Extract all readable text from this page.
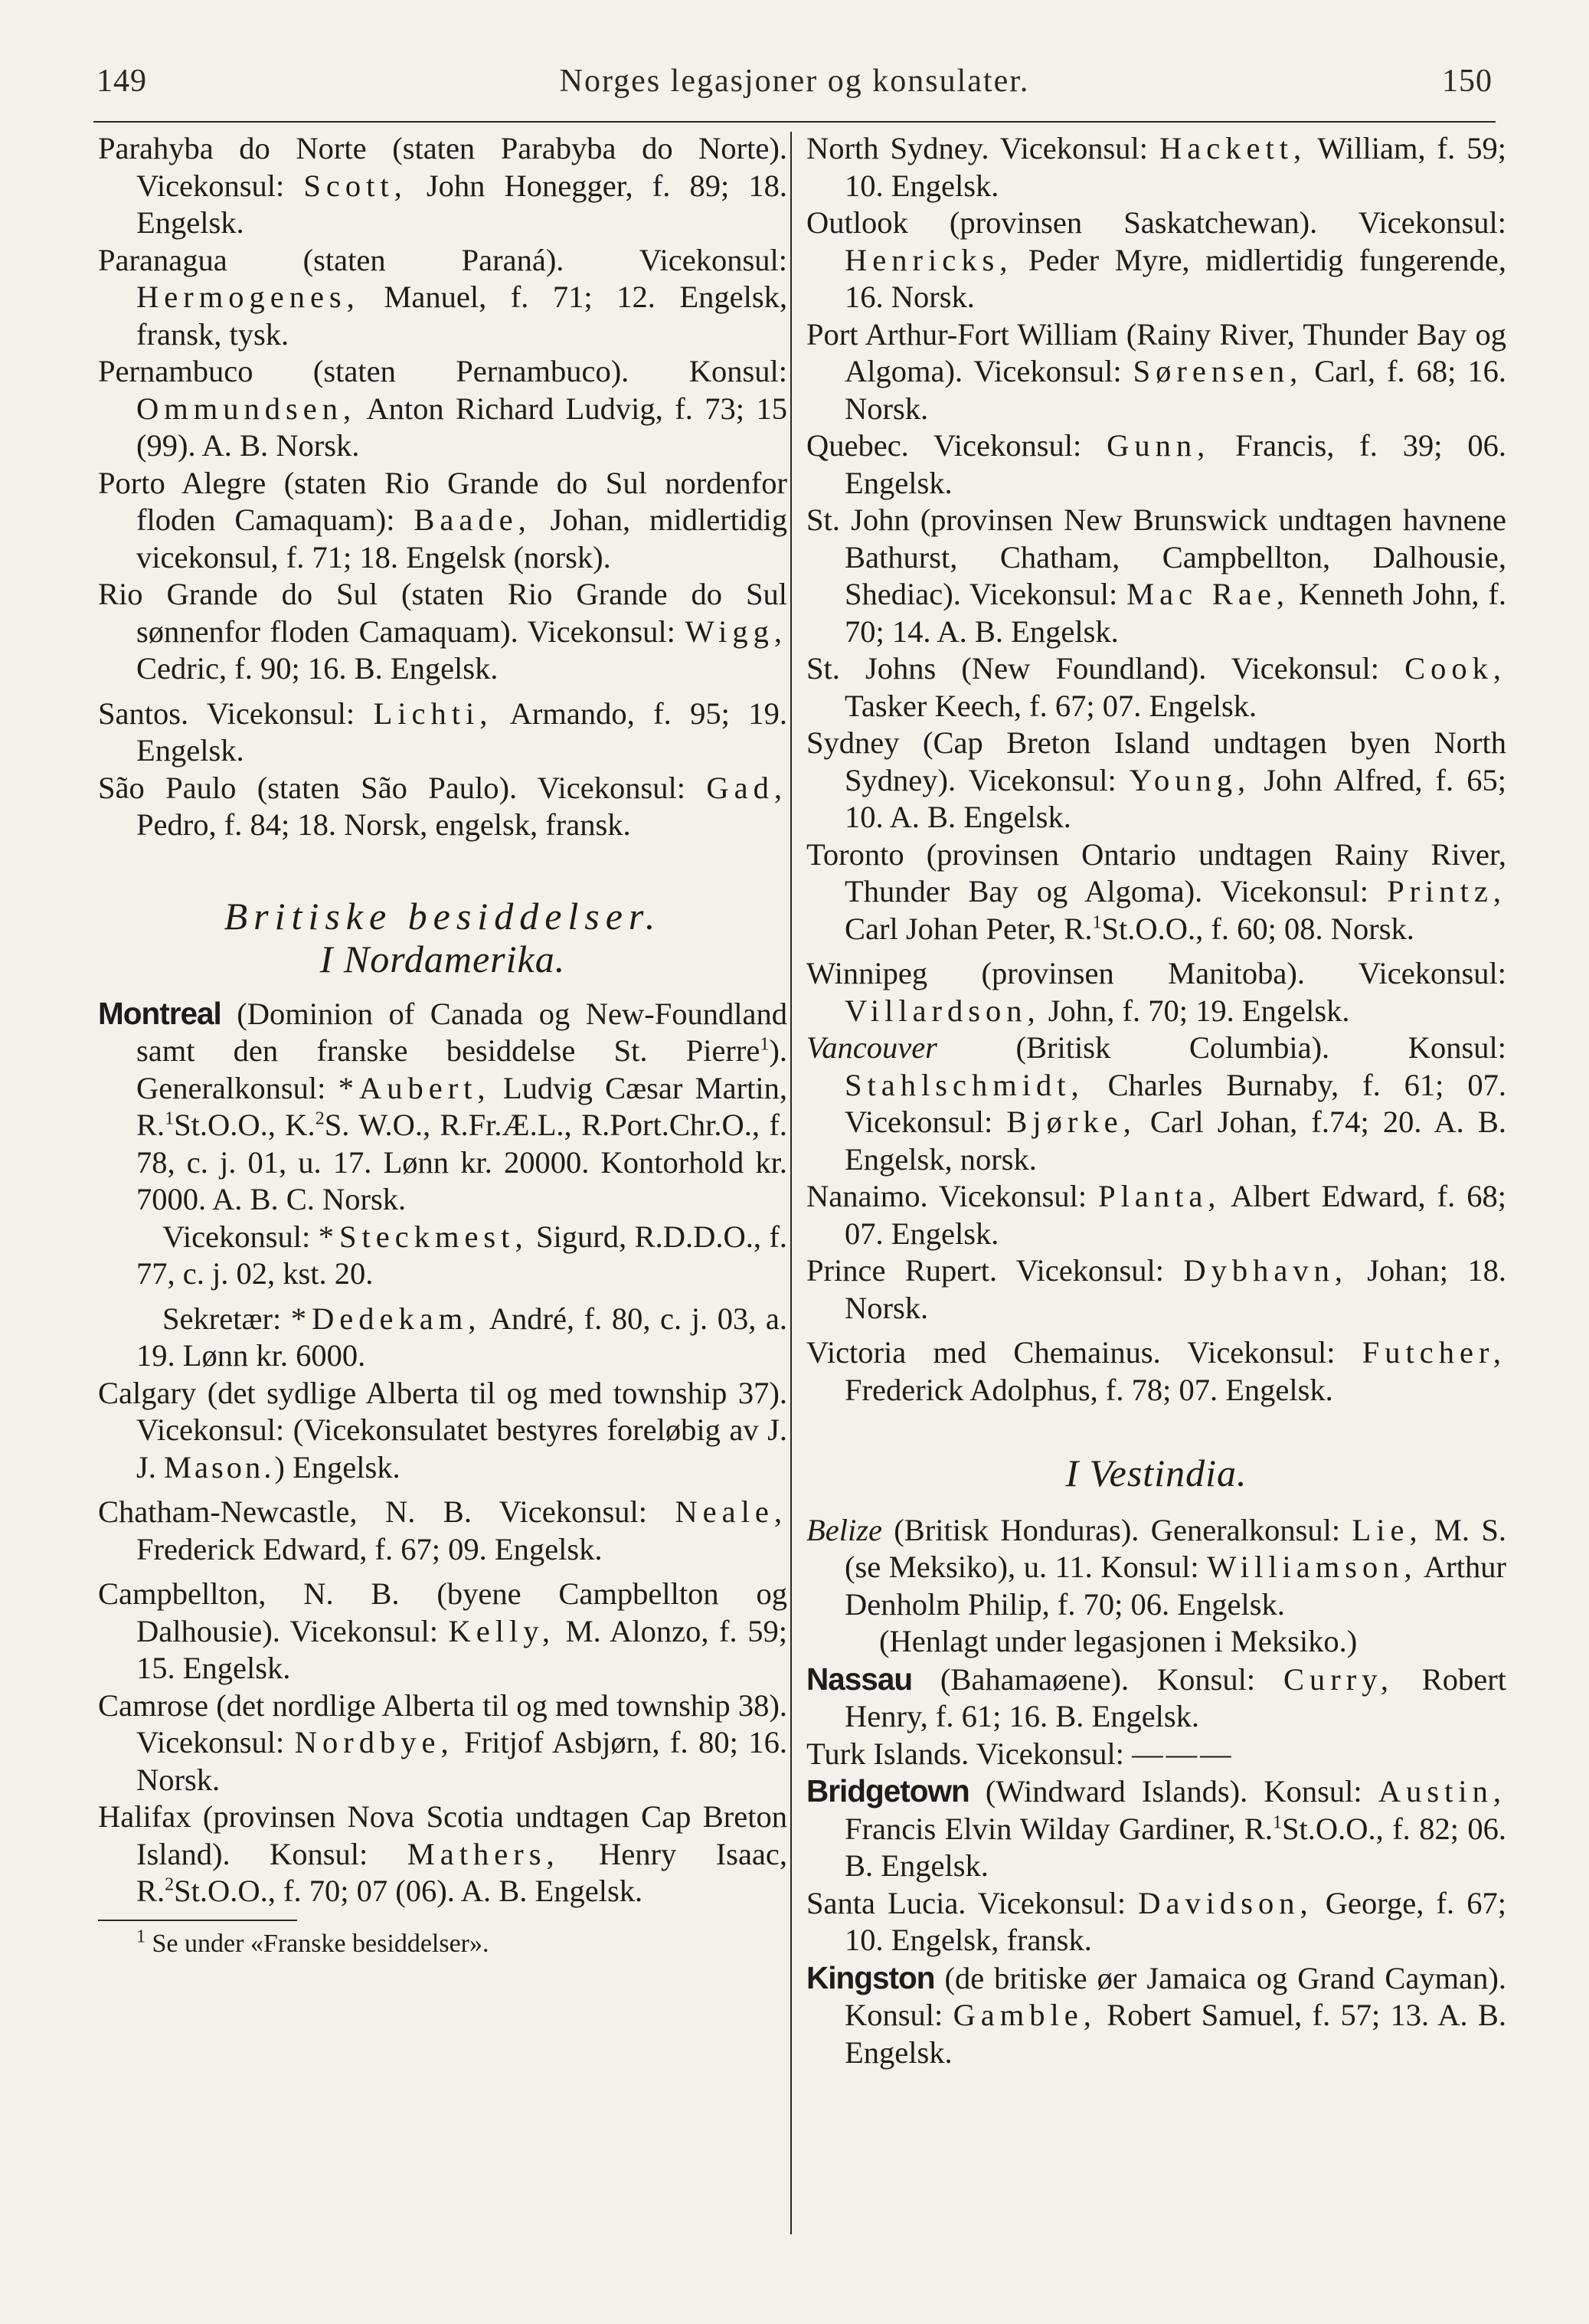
149	Norges legasjoner og konsulater.	150

Parahyba do Norte (staten Parabyba do Norte). Vicekonsul: Scott, John Honegger, f. 89; 18. Engelsk.

Paranagua (staten Paraná). Vicekonsul: Hermogenes, Manuel, f. 71; 12. Engelsk, fransk, tysk.

Pernambuco (staten Pernambuco). Konsul: Ommundsen, Anton Richard Ludvig, f. 73; 15 (99). A. B. Norsk.

Porto Alegre (staten Rio Grande do Sul nordenfor floden Camaquam): Baade, Johan, midlertidig vicekonsul, f. 71; 18. Engelsk (norsk).

Rio Grande do Sul (staten Rio Grande do Sul sønnenfor floden Camaquam). Vicekonsul: Wigg, Cedric, f. 90; 16. B. Engelsk.

Santos. Vicekonsul: Lichti, Armando, f. 95; 19. Engelsk.

São Paulo (staten São Paulo). Vicekonsul: Gad, Pedro, f. 84; 18. Norsk, engelsk, fransk.

Britiske besiddelser.
I Nordamerika.

Montreal (Dominion of Canada og New-Foundland samt den franske besiddelse St. Pierre$^1$). Generalkonsul: *Aubert, Ludvig Cæsar Martin, R.$^1$St.O.O., K.$^2$S. W.O., R.Fr.Æ.L., R.Port.Chr.O., f. 78, c. j. 01, u. 17. Lønn kr. 20000. Kontorhold kr. 7000. A. B. C. Norsk.

Vicekonsul: *Steckmest, Sigurd, R.D.D.O., f. 77, c. j. 02, kst. 20.

Sekretær: *Dedekam, André, f. 80, c. j. 03, a. 19. Lønn kr. 6000.

Calgary (det sydlige Alberta til og med township 37). Vicekonsul: (Vicekonsulatet bestyres foreløbig av J. J. Mason.) Engelsk.

Chatham-Newcastle, N. B. Vicekonsul: Neale, Frederick Edward, f. 67; 09. Engelsk.

Campbellton, N. B. (byene Campbellton og Dalhousie). Vicekonsul: Kelly, M. Alonzo, f. 59; 15. Engelsk.

Camrose (det nordlige Alberta til og med township 38). Vicekonsul: Nordbye, Fritjof Asbjørn, f. 80; 16. Norsk.

Halifax (provinsen Nova Scotia undtagen Cap Breton Island). Konsul: Mathers, Henry Isaac, R.$^2$St.O.O., f. 70; 07 (06). A. B. Engelsk.

$^1$ Se under «Franske besiddelser».

North Sydney. Vicekonsul: Hackett, William, f. 59; 10. Engelsk.

Outlook (provinsen Saskatchewan). Vicekonsul: Henricks, Peder Myre, midlertidig fungerende, 16. Norsk.

Port Arthur-Fort William (Rainy River, Thunder Bay og Algoma). Vicekonsul: Sørensen, Carl, f. 68; 16. Norsk.

Quebec. Vicekonsul: Gunn, Francis, f. 39; 06. Engelsk.

St. John (provinsen New Brunswick undtagen havnene Bathurst, Chatham, Campbellton, Dalhousie, Shediac). Vicekonsul: Mac Rae, Kenneth John, f. 70; 14. A. B. Engelsk.

St. Johns (New Foundland). Vicekonsul: Cook, Tasker Keech, f. 67; 07. Engelsk.

Sydney (Cap Breton Island undtagen byen North Sydney). Vicekonsul: Young, John Alfred, f. 65; 10. A. B. Engelsk.

Toronto (provinsen Ontario undtagen Rainy River, Thunder Bay og Algoma). Vicekonsul: Printz, Carl Johan Peter, R.$^1$St.O.O., f. 60; 08. Norsk.

Winnipeg (provinsen Manitoba). Vicekonsul: Villardson, John, f. 70; 19. Engelsk.

Vancouver (Britisk Columbia). Konsul: Stahlschmidt, Charles Burnaby, f. 61; 07. Vicekonsul: Bjørke, Carl Johan, f.74; 20. A. B. Engelsk, norsk.

Nanaimo. Vicekonsul: Planta, Albert Edward, f. 68; 07. Engelsk.

Prince Rupert. Vicekonsul: Dybhavn, Johan; 18. Norsk.

Victoria med Chemainus. Vicekonsul: Futcher, Frederick Adolphus, f. 78; 07. Engelsk.

I Vestindia.

Belize (Britisk Honduras). Generalkonsul: Lie, M. S. (se Meksiko), u. 11. Konsul: Williamson, Arthur Denholm Philip, f. 70; 06. Engelsk.

(Henlagt under legasjonen i Meksiko.)

Nassau (Bahamaøene). Konsul: Curry, Robert Henry, f. 61; 16. B. Engelsk.

Turk Islands. Vicekonsul: ———

Bridgetown (Windward Islands). Konsul: Austin, Francis Elvin Wilday Gardiner, R.$^1$St.O.O., f. 82; 06. B. Engelsk.

Santa Lucia. Vicekonsul: Davidson, George, f. 67; 10. Engelsk, fransk.

Kingston (de britiske øer Jamaica og Grand Cayman). Konsul: Gamble, Robert Samuel, f. 57; 13. A. B. Engelsk.
